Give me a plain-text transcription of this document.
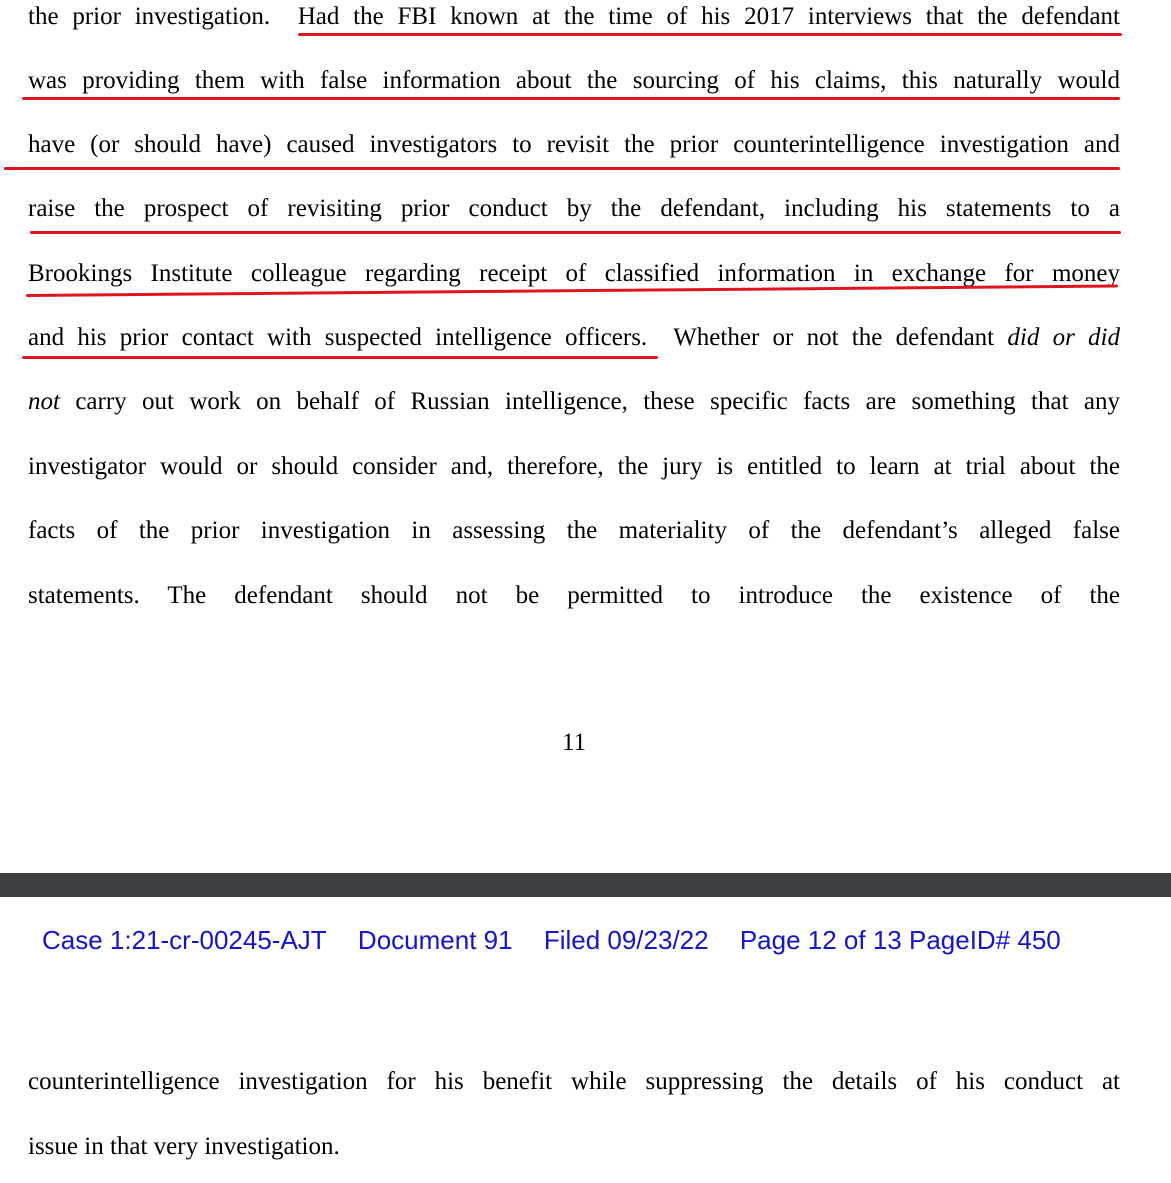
the prior investigation.  Had the FBI known at the time of his 2017 interviews that the defendant
was providing them with false information about the sourcing of his claims, this naturally would
have (or should have) caused investigators to revisit the prior counterintelligence investigation and
raise the prospect of revisiting prior conduct by the defendant, including his statements to a
Brookings Institute colleague regarding receipt of classified information in exchange for money
and his prior contact with suspected intelligence officers.  Whether or not the defendant did or did
not carry out work on behalf of Russian intelligence, these specific facts are something that any
investigator would or should consider and, therefore, the jury is entitled to learn at trial about the
facts of the prior investigation in assessing the materiality of the defendant’s alleged false
statements. The defendant should not be permitted to introduce the existence of the
11
Case 1:21-cr-00245-AJT Document 91 Filed 09/23/22 Page 12 of 13 PageID# 450
counterintelligence investigation for his benefit while suppressing the details of his conduct at
issue in that very investigation.
